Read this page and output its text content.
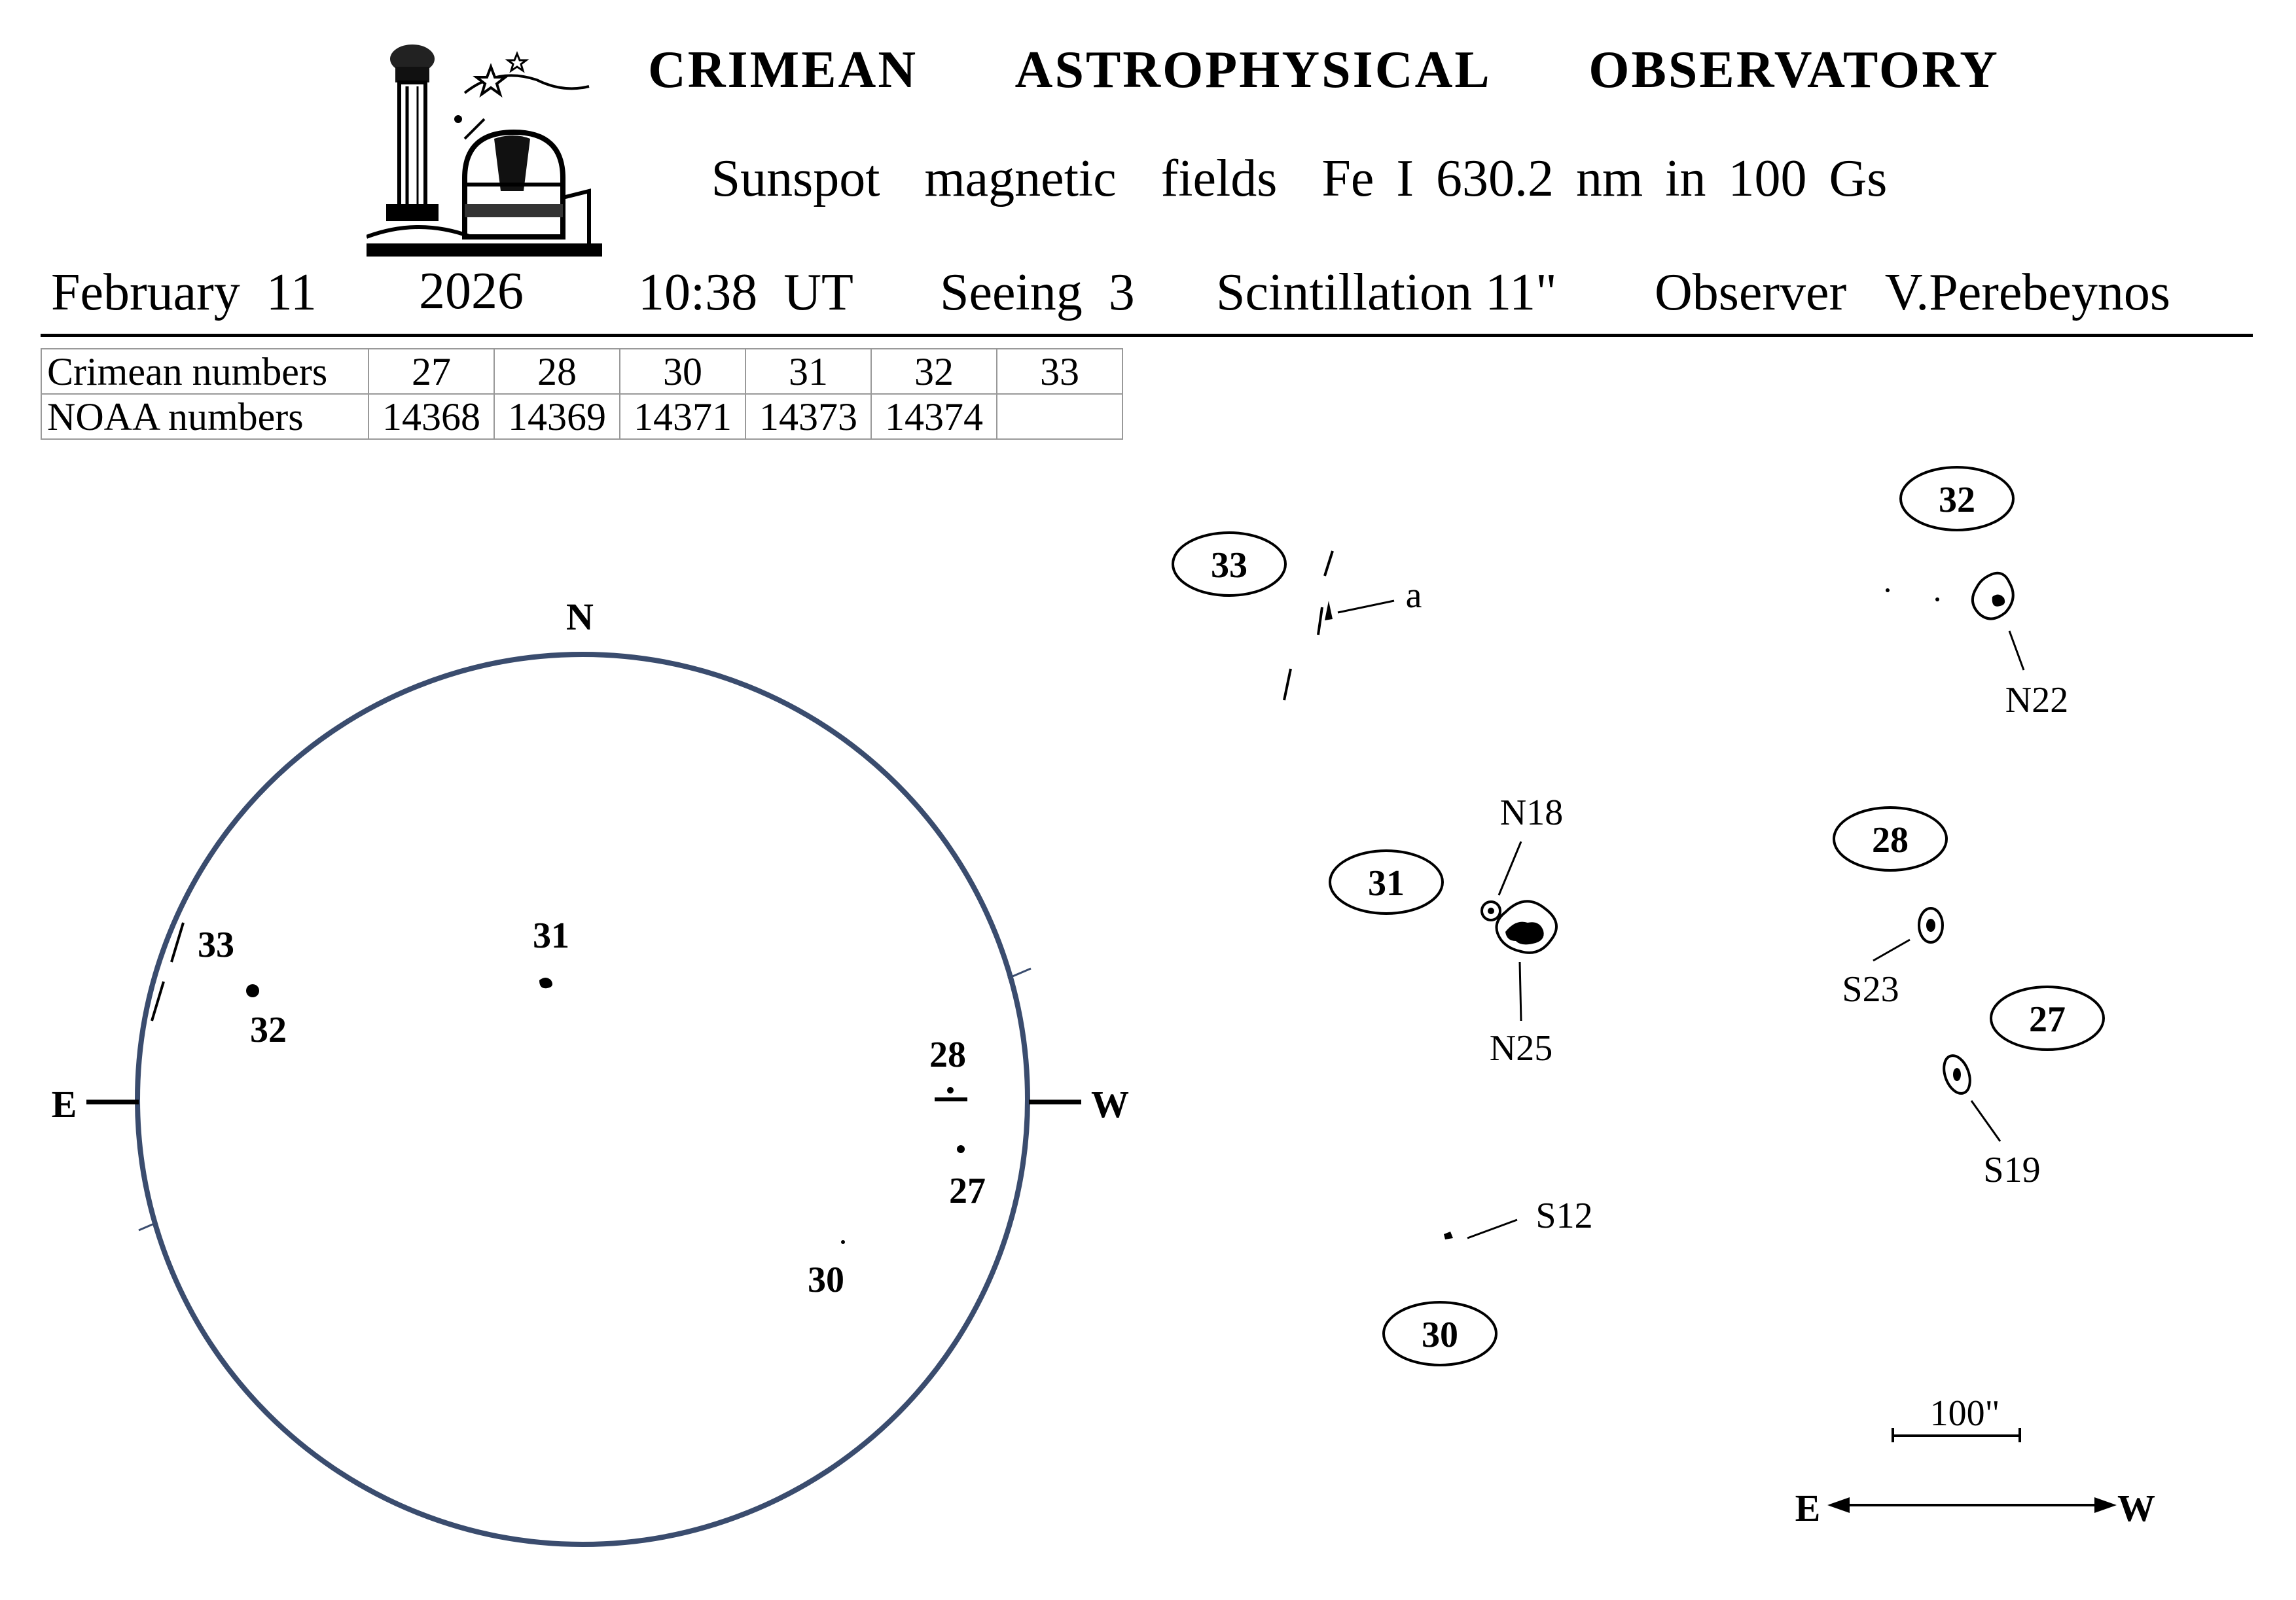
CRIMEAN   ASTROPHYSICAL   OBSERVATORY
Sunspot  magnetic  fields  Fe I 630.2 nm in 100 Gs
February  11 2026 10:38  UT Seeing  3 Scintillation 11" Observer   V.Perebeynos
Crimean numbers	27	28	30	31	32	33
NOAA numbers	14368	14369	14371	14373	14374	
N
E	W
33
32
31
28
27
30
33
a
32
N22
31
N18
N25
28
S23
27
S19
S12
30
100"
E	W
